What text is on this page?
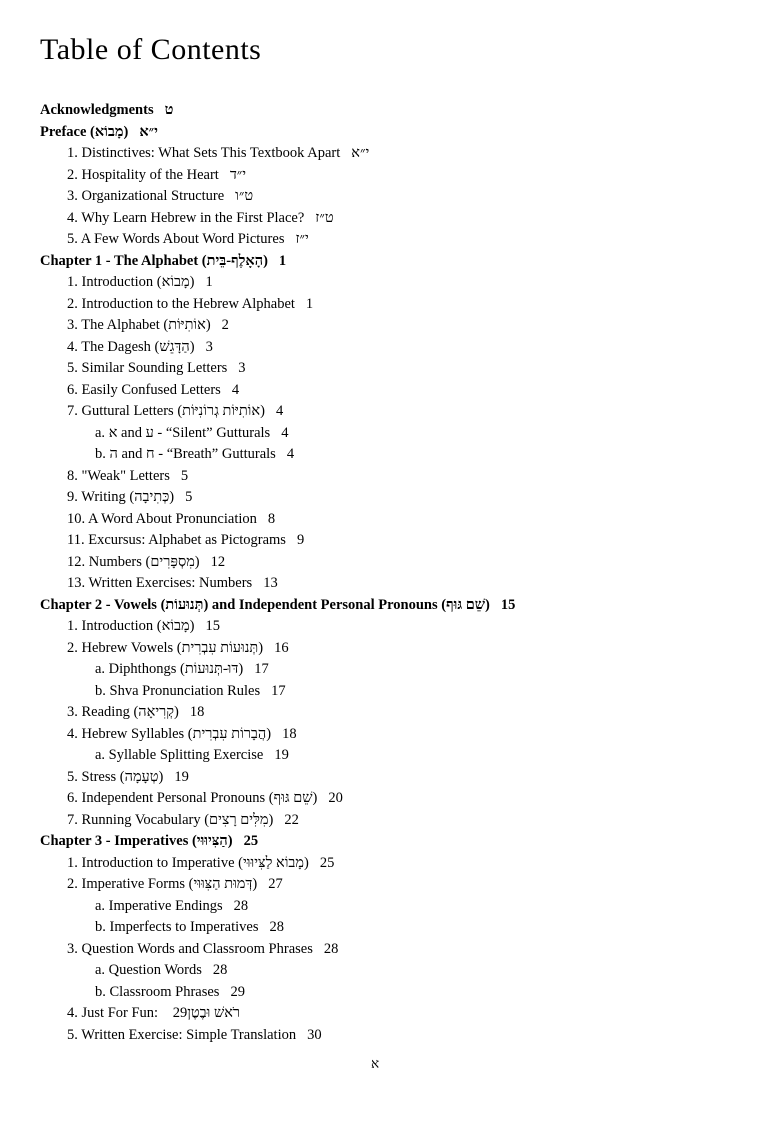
Table of Contents
Acknowledgments ט
Preface (מָבוֹא) י״א
1. Distinctives: What Sets This Textbook Apart י״א
2. Hospitality of the Heart י״ד
3. Organizational Structure ט״ו
4. Why Learn Hebrew in the First Place? ט״ז
5. A Few Words About Word Pictures י״ז
Chapter 1 - The Alphabet (הָאָלֶף-בֵּית) 1
1. Introduction (מָבוֹא) 1
2. Introduction to the Hebrew Alphabet 1
3. The Alphabet (אוֹתִיּוֹת) 2
4. The Dagesh (הַדָּגֵשׁ) 3
5. Similar Sounding Letters 3
6. Easily Confused Letters 4
7. Guttural Letters (אוֹתִיּוֹת גְרוֹנִיּוֹת) 4
a. א and ע - “Silent” Gutturals 4
b. ה and ח - “Breath” Gutturals 4
8. "Weak" Letters 5
9. Writing (כְּתִיבָה) 5
10. A Word About Pronunciation 8
11. Excursus: Alphabet as Pictograms 9
12. Numbers (מִסְפָּרִים) 12
13. Written Exercises: Numbers 13
Chapter 2 - Vowels (תְּנוּעוֹת) and Independent Personal Pronouns (שֵׁם גּוּף) 15
1. Introduction (מָבוֹא) 15
2. Hebrew Vowels (תְּנוּעוֹת עִבְרִית) 16
a. Diphthongs (דּוּ-תְּנוּעוֹת) 17
b. Shva Pronunciation Rules 17
3. Reading (קְרִיאָה) 18
4. Hebrew Syllables (הֲבָרוֹת עִבְרִית) 18
a. Syllable Splitting Exercise 19
5. Stress (טְעָמָה) 19
6. Independent Personal Pronouns (שֵׁם גּוּף) 20
7. Running Vocabulary (מִלִּים רָצִים) 22
Chapter 3 - Imperatives (הַצִּיוּוּי) 25
1. Introduction to Imperative (מָבוֹא לַצִּיוּוּי) 25
2. Imperative Forms (דְּמוּת הַצִּוּוּי) 27
a. Imperative Endings 28
b. Imperfects to Imperatives 28
3. Question Words and Classroom Phrases 28
a. Question Words 28
b. Classroom Phrases 29
4. Just For Fun: רֹאשׁ וּבֶטֶן29
5. Written Exercise: Simple Translation 30
א
